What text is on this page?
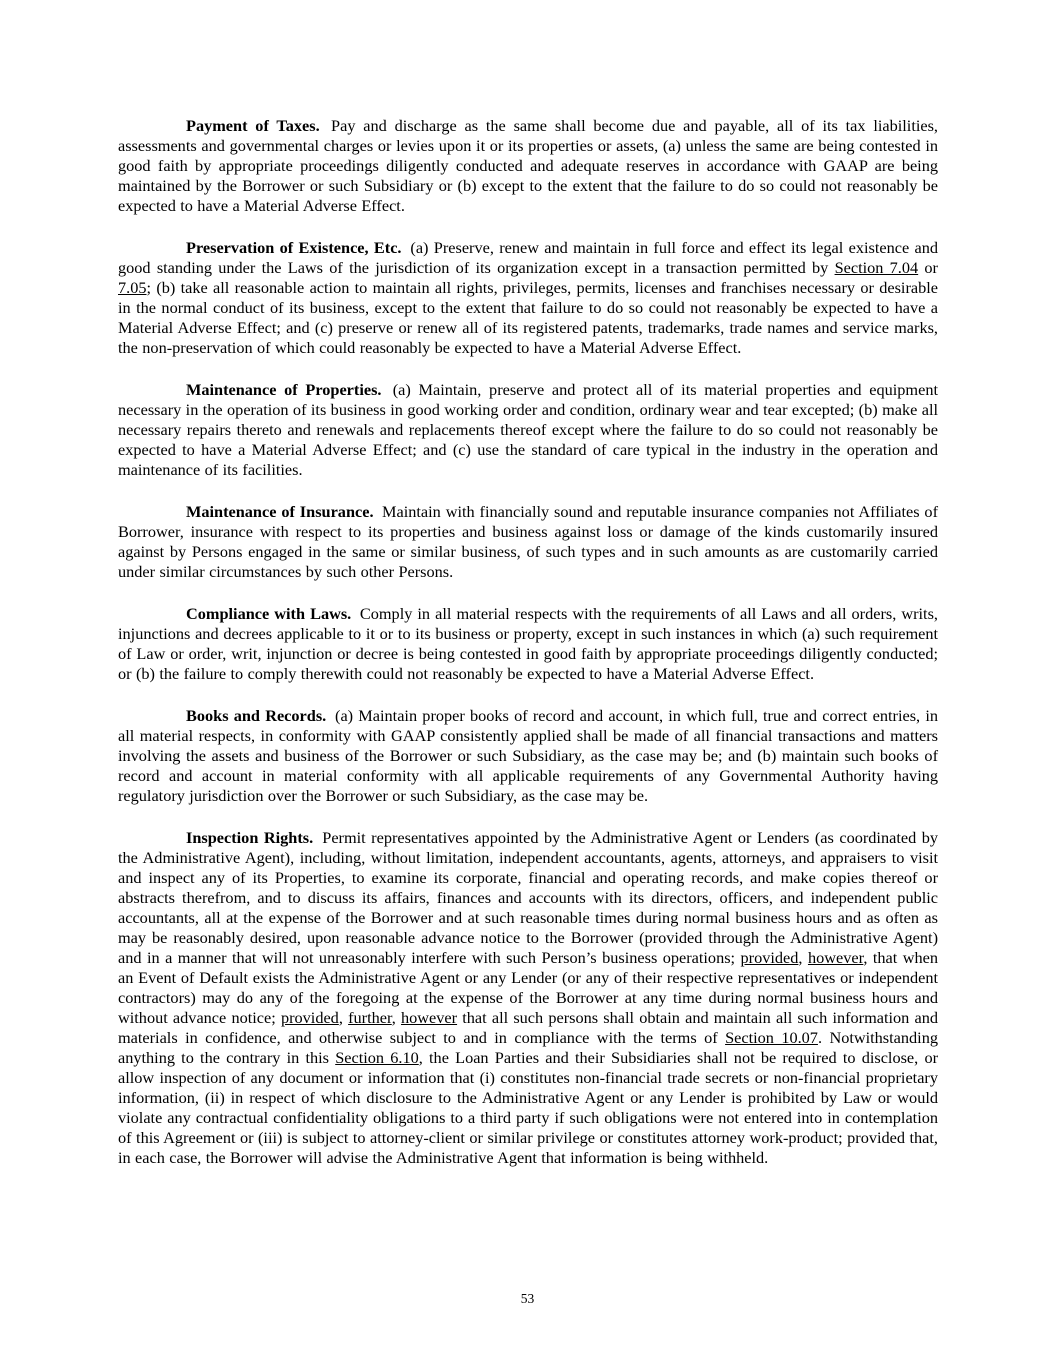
Payment of Taxes. Pay and discharge as the same shall become due and payable, all of its tax liabilities, assessments and governmental charges or levies upon it or its properties or assets, (a) unless the same are being contested in good faith by appropriate proceedings diligently conducted and adequate reserves in accordance with GAAP are being maintained by the Borrower or such Subsidiary or (b) except to the extent that the failure to do so could not reasonably be expected to have a Material Adverse Effect.

Preservation of Existence, Etc. (a) Preserve, renew and maintain in full force and effect its legal existence and good standing under the Laws of the jurisdiction of its organization except in a transaction permitted by Section 7.04 or 7.05; (b) take all reasonable action to maintain all rights, privileges, permits, licenses and franchises necessary or desirable in the normal conduct of its business, except to the extent that failure to do so could not reasonably be expected to have a Material Adverse Effect; and (c) preserve or renew all of its registered patents, trademarks, trade names and service marks, the non-preservation of which could reasonably be expected to have a Material Adverse Effect.

Maintenance of Properties. (a) Maintain, preserve and protect all of its material properties and equipment necessary in the operation of its business in good working order and condition, ordinary wear and tear excepted; (b) make all necessary repairs thereto and renewals and replacements thereof except where the failure to do so could not reasonably be expected to have a Material Adverse Effect; and (c) use the standard of care typical in the industry in the operation and maintenance of its facilities.

Maintenance of Insurance. Maintain with financially sound and reputable insurance companies not Affiliates of Borrower, insurance with respect to its properties and business against loss or damage of the kinds customarily insured against by Persons engaged in the same or similar business, of such types and in such amounts as are customarily carried under similar circumstances by such other Persons.

Compliance with Laws. Comply in all material respects with the requirements of all Laws and all orders, writs, injunctions and decrees applicable to it or to its business or property, except in such instances in which (a) such requirement of Law or order, writ, injunction or decree is being contested in good faith by appropriate proceedings diligently conducted; or (b) the failure to comply therewith could not reasonably be expected to have a Material Adverse Effect.

Books and Records. (a) Maintain proper books of record and account, in which full, true and correct entries, in all material respects, in conformity with GAAP consistently applied shall be made of all financial transactions and matters involving the assets and business of the Borrower or such Subsidiary, as the case may be; and (b) maintain such books of record and account in material conformity with all applicable requirements of any Governmental Authority having regulatory jurisdiction over the Borrower or such Subsidiary, as the case may be.

Inspection Rights. Permit representatives appointed by the Administrative Agent or Lenders (as coordinated by the Administrative Agent), including, without limitation, independent accountants, agents, attorneys, and appraisers to visit and inspect any of its Properties, to examine its corporate, financial and operating records, and make copies thereof or abstracts therefrom, and to discuss its affairs, finances and accounts with its directors, officers, and independent public accountants, all at the expense of the Borrower and at such reasonable times during normal business hours and as often as may be reasonably desired, upon reasonable advance notice to the Borrower (provided through the Administrative Agent) and in a manner that will not unreasonably interfere with such Person’s business operations; provided, however, that when an Event of Default exists the Administrative Agent or any Lender (or any of their respective representatives or independent contractors) may do any of the foregoing at the expense of the Borrower at any time during normal business hours and without advance notice; provided, further, however that all such persons shall obtain and maintain all such information and materials in confidence, and otherwise subject to and in compliance with the terms of Section 10.07. Notwithstanding anything to the contrary in this Section 6.10, the Loan Parties and their Subsidiaries shall not be required to disclose, or allow inspection of any document or information that (i) constitutes non-financial trade secrets or non-financial proprietary information, (ii) in respect of which disclosure to the Administrative Agent or any Lender is prohibited by Law or would violate any contractual confidentiality obligations to a third party if such obligations were not entered into in contemplation of this Agreement or (iii) is subject to attorney-client or similar privilege or constitutes attorney work-product; provided that, in each case, the Borrower will advise the Administrative Agent that information is being withheld.

53
